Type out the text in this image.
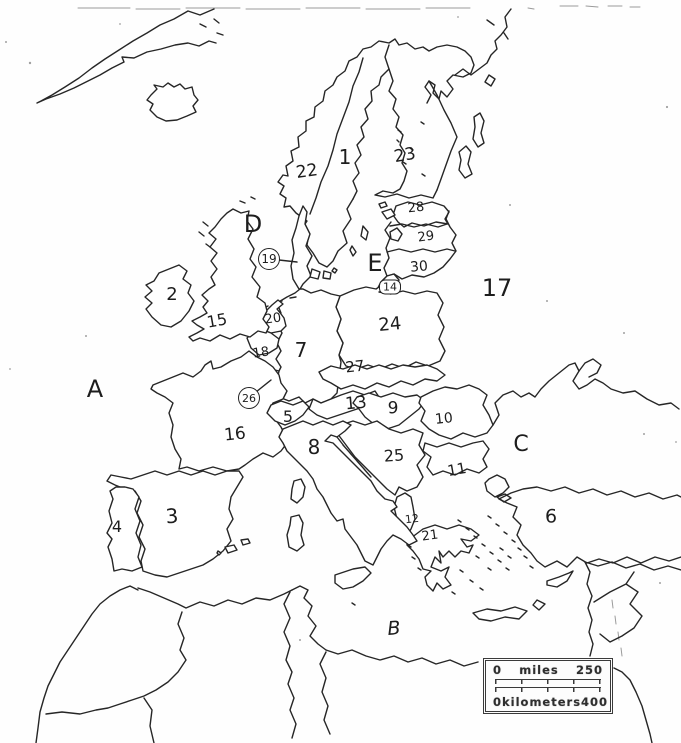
1
22
23
D
19	E
28
29
30
14	17
24
2
15	20
18 7
26
27
13 9
10
5
8	25
11
C
16
A
3
4	12
21
6
B
0 miles 250
0 kilometers 400
